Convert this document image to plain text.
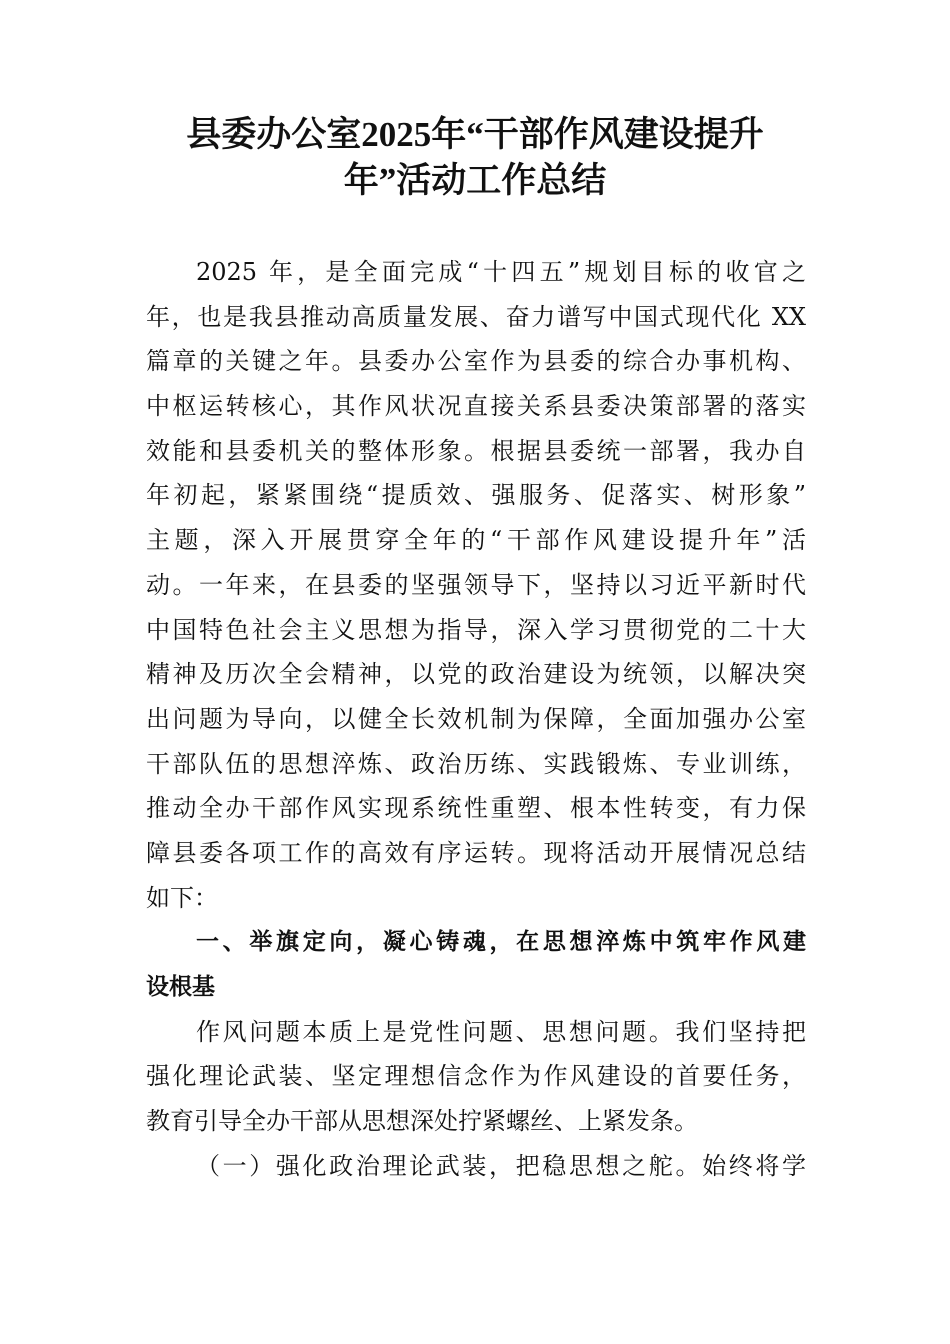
县委办公室2025年“干部作风建设提升
年”活动工作总结
2025 年，是全面完成“十四五”规划目标的收官之
年，也是我县推动高质量发展、奋力谱写中国式现代化 XX
篇章的关键之年。县委办公室作为县委的综合办事机构、
中枢运转核心，其作风状况直接关系县委决策部署的落实
效能和县委机关的整体形象。根据县委统一部署，我办自
年初起，紧紧围绕“提质效、强服务、促落实、树形象”
主题，深入开展贯穿全年的“干部作风建设提升年”活
动。一年来，在县委的坚强领导下，坚持以习近平新时代
中国特色社会主义思想为指导，深入学习贯彻党的二十大
精神及历次全会精神，以党的政治建设为统领，以解决突
出问题为导向，以健全长效机制为保障，全面加强办公室
干部队伍的思想淬炼、政治历练、实践锻炼、专业训练，
推动全办干部作风实现系统性重塑、根本性转变，有力保
障县委各项工作的高效有序运转。现将活动开展情况总结
如下：
一、举旗定向，凝心铸魂，在思想淬炼中筑牢作风建
设根基
作风问题本质上是党性问题、思想问题。我们坚持把
强化理论武装、坚定理想信念作为作风建设的首要任务，
教育引导全办干部从思想深处拧紧螺丝、上紧发条。
（一）强化政治理论武装，把稳思想之舵。始终将学
